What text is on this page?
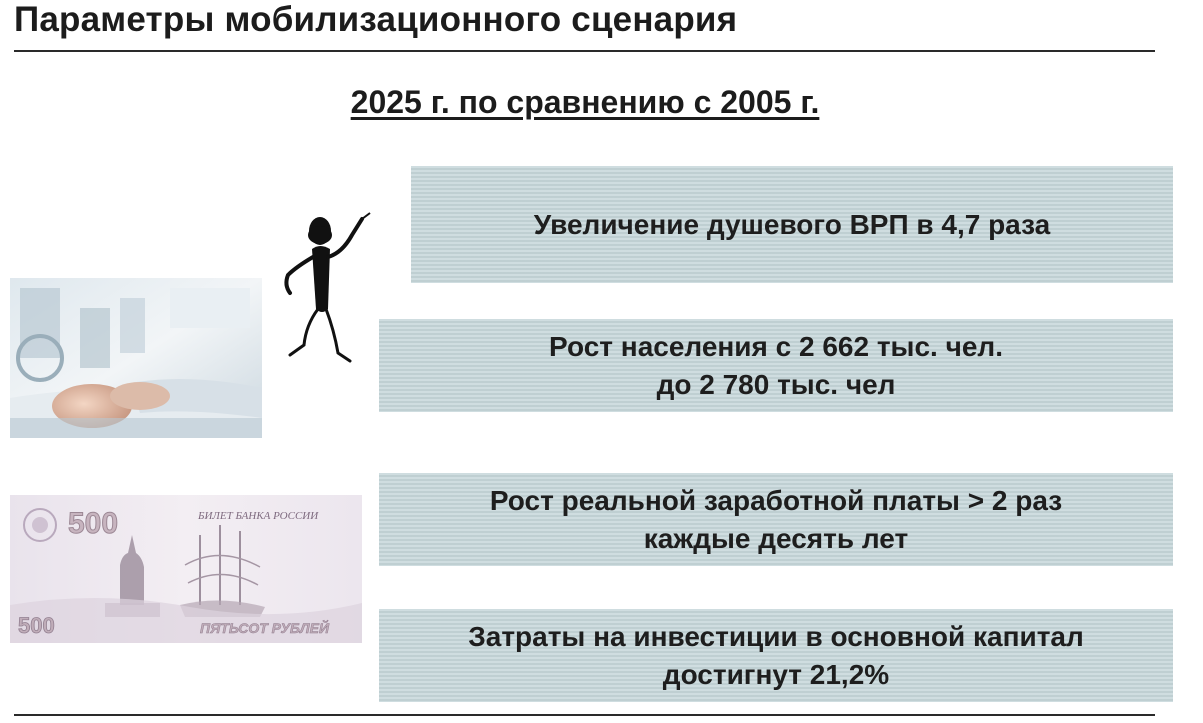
Параметры мобилизационного сценария
2025 г. по сравнению с 2005 г.
500	БИЛЕТ БАНКА РОССИИ
500	ПЯТЬСОТ РУБЛЕЙ
Увеличение душевого ВРП в 4,7 раза
Рост населения с 2 662 тыс. чел.
до 2 780 тыс. чел
Рост реальной заработной платы > 2 раз
каждые десять лет
Затраты на инвестиции в основной капитал
достигнут 21,2%
